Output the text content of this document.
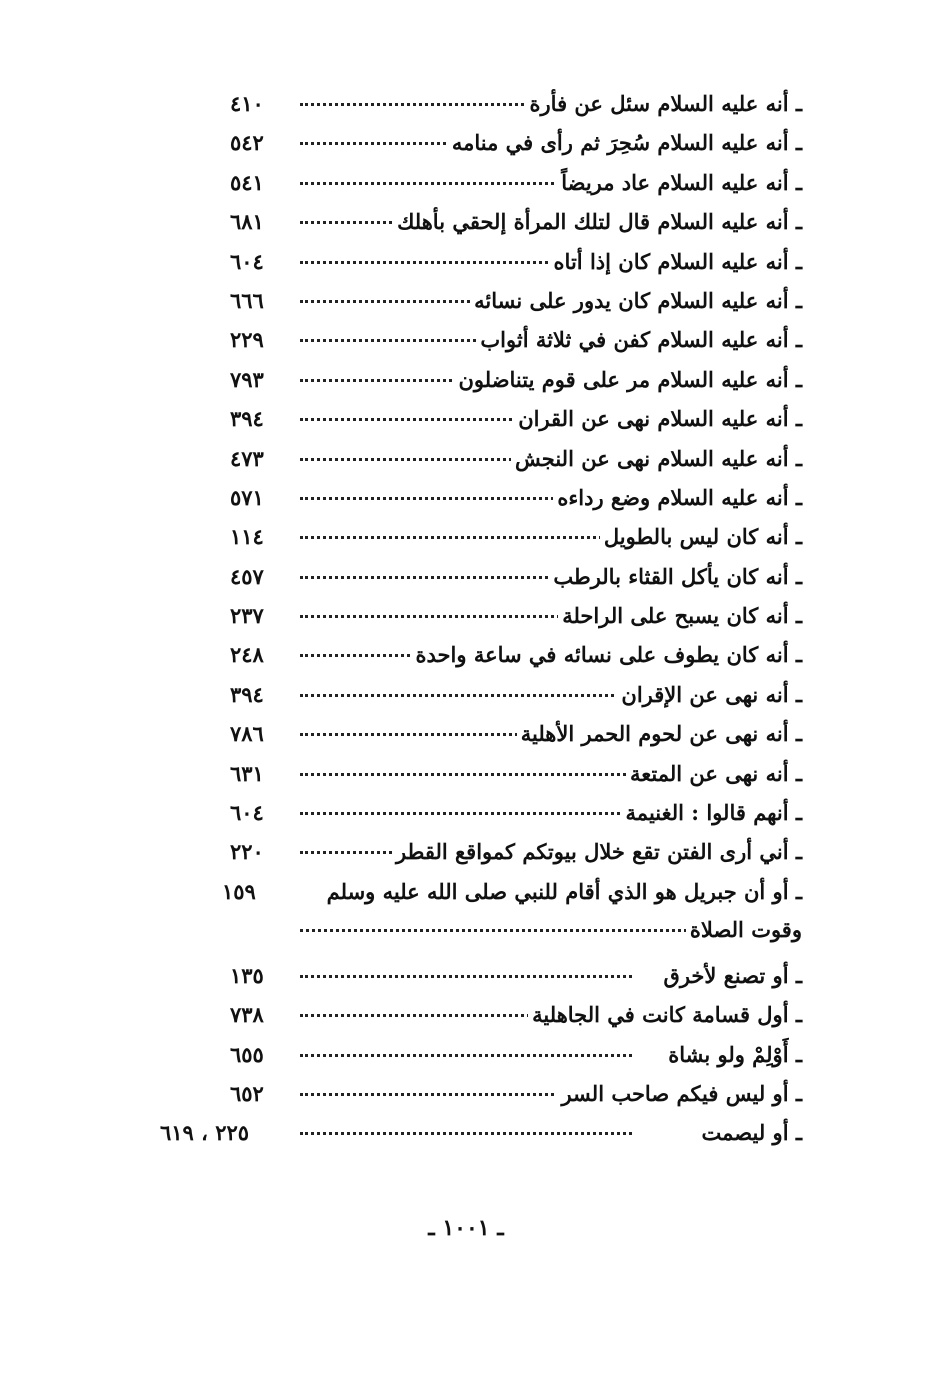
ـ أنه عليه السلام سئل عن فأرة
٤١٠
ـ أنه عليه السلام سُحِرَ ثم رأى في منامه
٥٤٢
ـ أنه عليه السلام عاد مريضاً
٥٤١
ـ أنه عليه السلام قال لتلك المرأة إلحقي بأهلك
٦٨١
ـ أنه عليه السلام كان إذا أتاه
٦٠٤
ـ أنه عليه السلام كان يدور على نسائه
٦٦٦
ـ أنه عليه السلام كفن في ثلاثة أثواب
٢٢٩
ـ أنه عليه السلام مر على قوم يتناضلون
٧٩٣
ـ أنه عليه السلام نهى عن القران
٣٩٤
ـ أنه عليه السلام نهى عن النجش
٤٧٣
ـ أنه عليه السلام وضع رداءه
٥٧١
ـ أنه كان ليس بالطويل
١١٤
ـ أنه كان يأكل القثاء بالرطب
٤٥٧
ـ أنه كان يسبح على الراحلة
٢٣٧
ـ أنه كان يطوف على نسائه في ساعة واحدة
٢٤٨
ـ أنه نهى عن الإقران
٣٩٤
ـ أنه نهى عن لحوم الحمر الأهلية
٧٨٦
ـ أنه نهى عن المتعة
٦٣١
ـ أنهم قالوا : الغنيمة
٦٠٤
ـ أني أرى الفتن تقع خلال بيوتكم كمواقع القطر
٢٢٠
ـ أو أن جبريل هو الذي أقام للنبي صلى الله عليه وسلم
١٥٩
وقوت الصلاة
ـ أو تصنع لأخرق
١٣٥
ـ أول قسامة كانت في الجاهلية
٧٣٨
ـ أَوْلِمْ ولو بشاة
٦٥٥
ـ أو ليس فيكم صاحب السر
٦٥٢
ـ أو ليصمت
٢٢٥ ، ٦١٩
ـ ١٠٠١ ـ
